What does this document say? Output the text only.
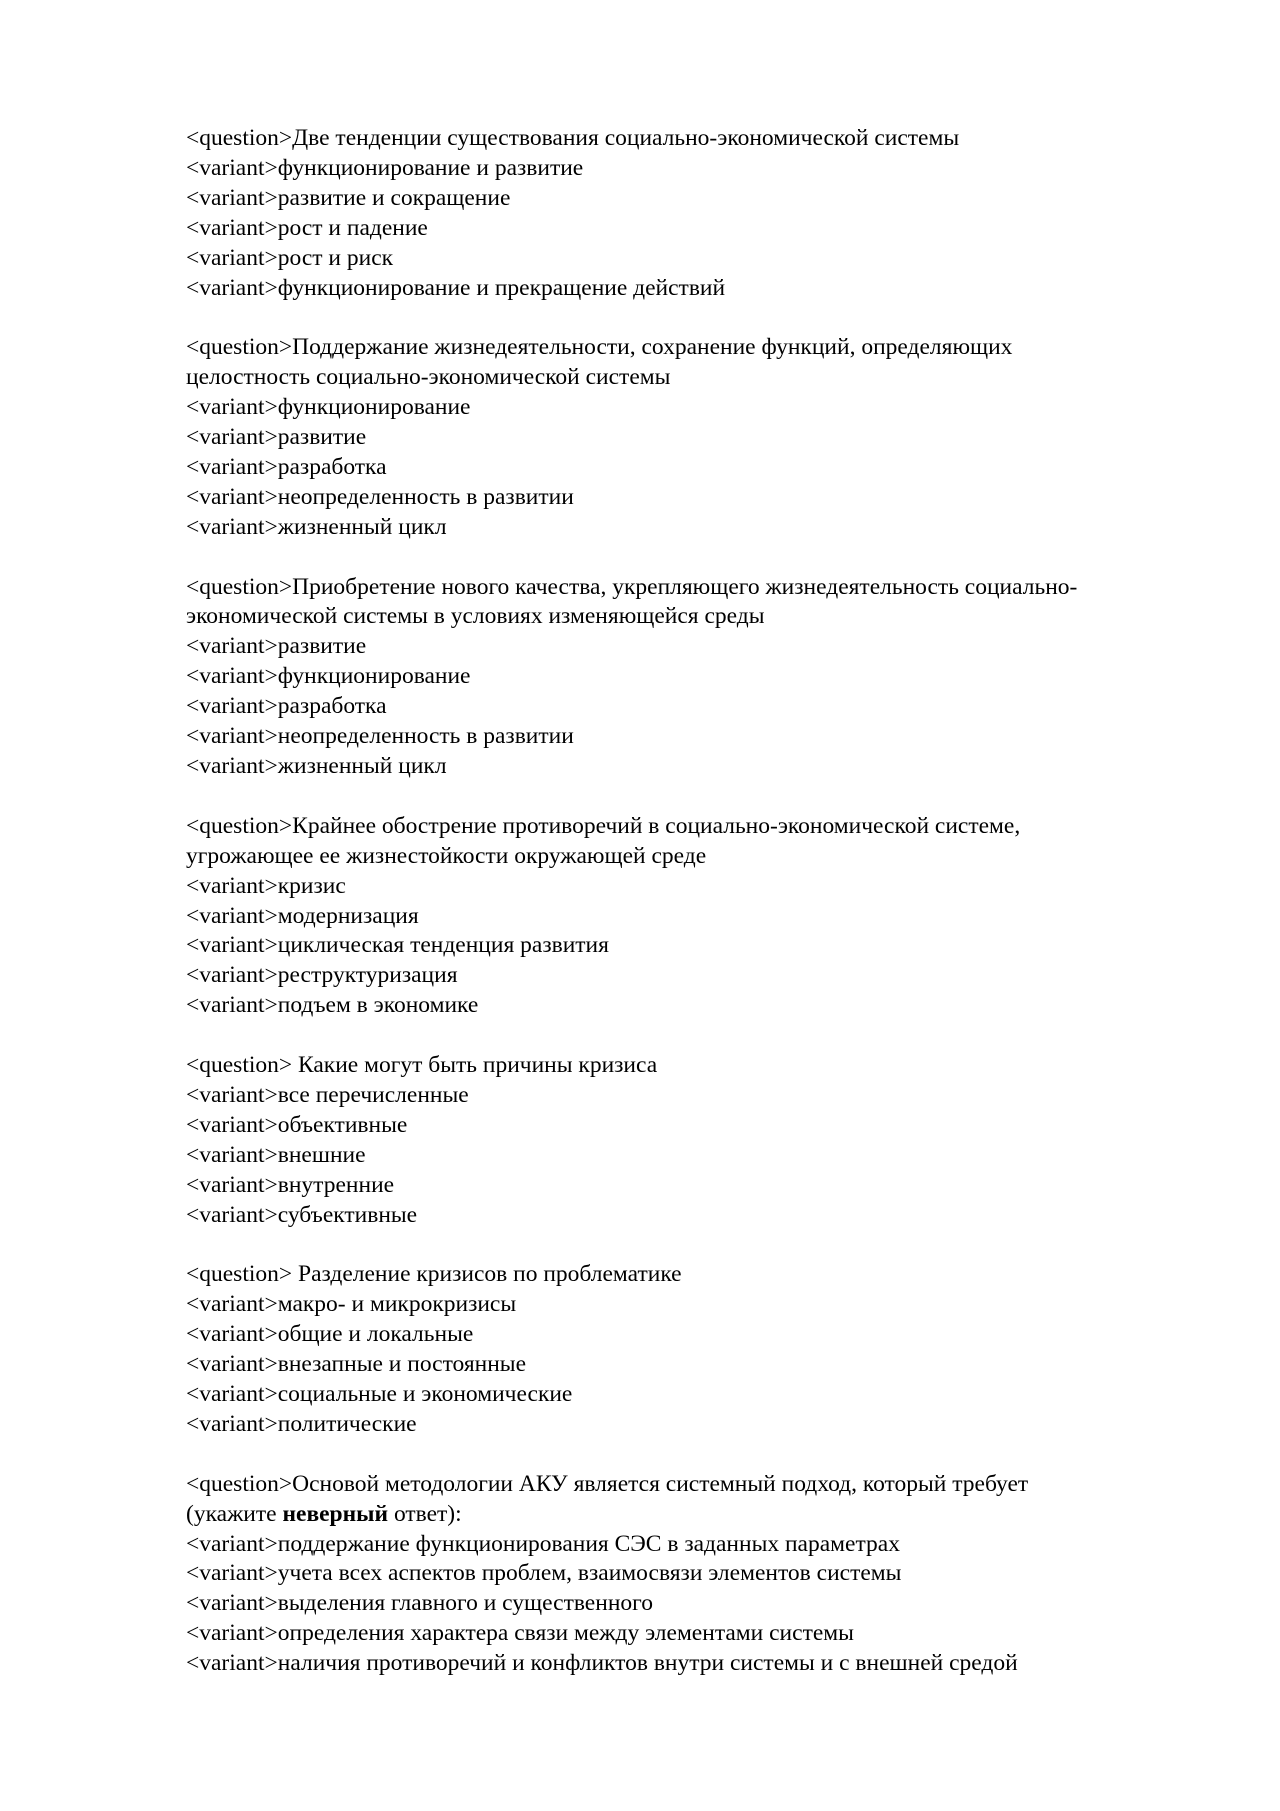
<question>Две тенденции существования социально-экономической системы
<variant>функционирование и развитие
<variant>развитие и сокращение
<variant>рост и падение
<variant>рост и риск
<variant>функционирование и прекращение действий
<question>Поддержание жизнедеятельности, сохранение функций, определяющих
целостность социально-экономической системы
<variant>функционирование
<variant>развитие
<variant>разработка
<variant>неопределенность в развитии
<variant>жизненный цикл
<question>Приобретение нового качества, укрепляющего жизнедеятельность социально-
экономической системы в условиях изменяющейся среды
<variant>развитие
<variant>функционирование
<variant>разработка
<variant>неопределенность в развитии
<variant>жизненный цикл
<question>Крайнее обострение противоречий в социально-экономической системе,
угрожающее ее жизнестойкости окружающей среде
<variant>кризис
<variant>модернизация
<variant>циклическая тенденция развития
<variant>реструктуризация
<variant>подъем в экономике
<question> Какие могут быть причины кризиса
<variant>все перечисленные
<variant>объективные
<variant>внешние
<variant>внутренние
<variant>субъективные
<question> Разделение кризисов по проблематике
<variant>макро- и микрокризисы
<variant>общие и локальные
<variant>внезапные и постоянные
<variant>социальные и экономические
<variant>политические
<question>Основой методологии АКУ является системный подход, который требует
(укажите неверный ответ):
<variant>поддержание функционирования СЭС в заданных параметрах
<variant>учета всех аспектов проблем, взаимосвязи элементов системы
<variant>выделения главного и существенного
<variant>определения характера связи между элементами системы
<variant>наличия противоречий и конфликтов внутри системы и с внешней средой
